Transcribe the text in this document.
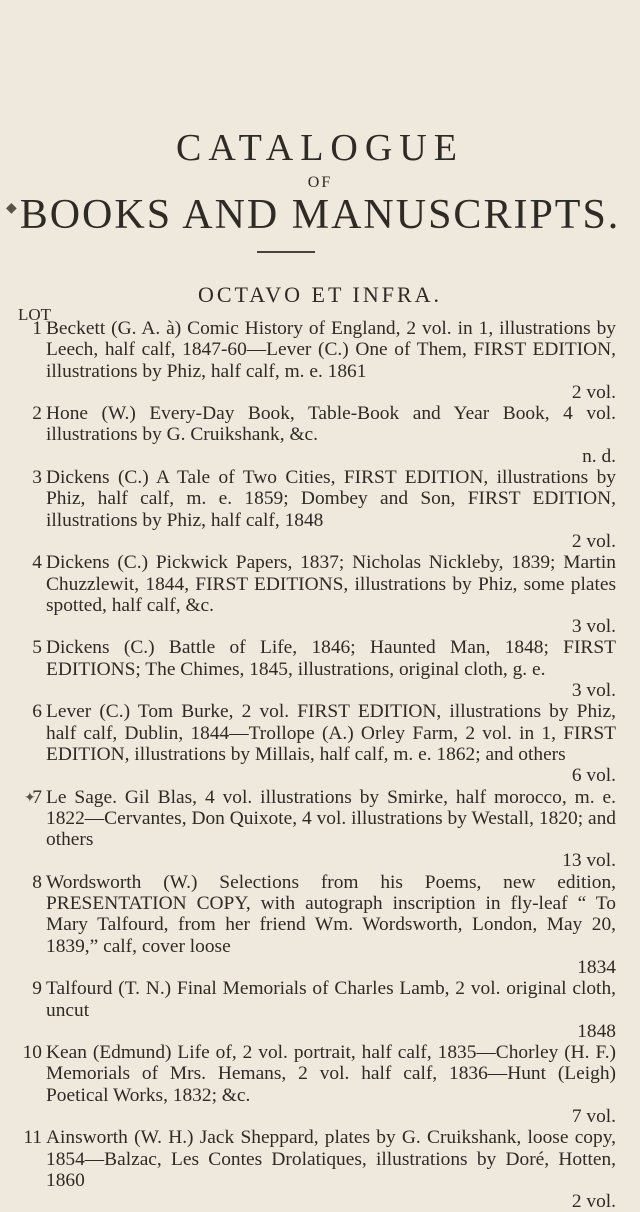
CATALOGUE
OF
BOOKS AND MANUSCRIPTS.
OCTAVO ET INFRA.
LOT
◆
✦
1 Beckett (G. A. à) Comic History of England, 2 vol. in 1, illustrations by Leech, half calf, 1847-60—Lever (C.) One of Them, FIRST EDITION, illustrations by Phiz, half calf, m. e. 1861
2 vol.
2 Hone (W.) Every-Day Book, Table-Book and Year Book, 4 vol. illustrations by G. Cruikshank, &c.
n. d.
3 Dickens (C.) A Tale of Two Cities, FIRST EDITION, illustrations by Phiz, half calf, m. e. 1859; Dombey and Son, FIRST EDITION, illustrations by Phiz, half calf, 1848
2 vol.
4 Dickens (C.) Pickwick Papers, 1837; Nicholas Nickleby, 1839; Martin Chuzzlewit, 1844, FIRST EDITIONS, illustrations by Phiz, some plates spotted, half calf, &c.
3 vol.
5 Dickens (C.) Battle of Life, 1846; Haunted Man, 1848; FIRST EDITIONS; The Chimes, 1845, illustrations, original cloth, g. e.
3 vol.
6 Lever (C.) Tom Burke, 2 vol. FIRST EDITION, illustrations by Phiz, half calf, Dublin, 1844—Trollope (A.) Orley Farm, 2 vol. in 1, FIRST EDITION, illustrations by Millais, half calf, m. e. 1862; and others
6 vol.
7 Le Sage. Gil Blas, 4 vol. illustrations by Smirke, half morocco, m. e. 1822—Cervantes, Don Quixote, 4 vol. illustrations by Westall, 1820; and others
13 vol.
8 Wordsworth (W.) Selections from his Poems, new edition, PRESENTATION COPY, with autograph inscription in fly-leaf “ To Mary Talfourd, from her friend Wm. Wordsworth, London, May 20, 1839,” calf, cover loose
1834
9 Talfourd (T. N.) Final Memorials of Charles Lamb, 2 vol. original cloth, uncut
1848
10 Kean (Edmund) Life of, 2 vol. portrait, half calf, 1835—Chorley (H. F.) Memorials of Mrs. Hemans, 2 vol. half calf, 1836—Hunt (Leigh) Poetical Works, 1832; &c.
7 vol.
11 Ainsworth (W. H.) Jack Sheppard, plates by G. Cruikshank, loose copy, 1854—Balzac, Les Contes Drolatiques, illustrations by Doré, Hotten, 1860
2 vol.
